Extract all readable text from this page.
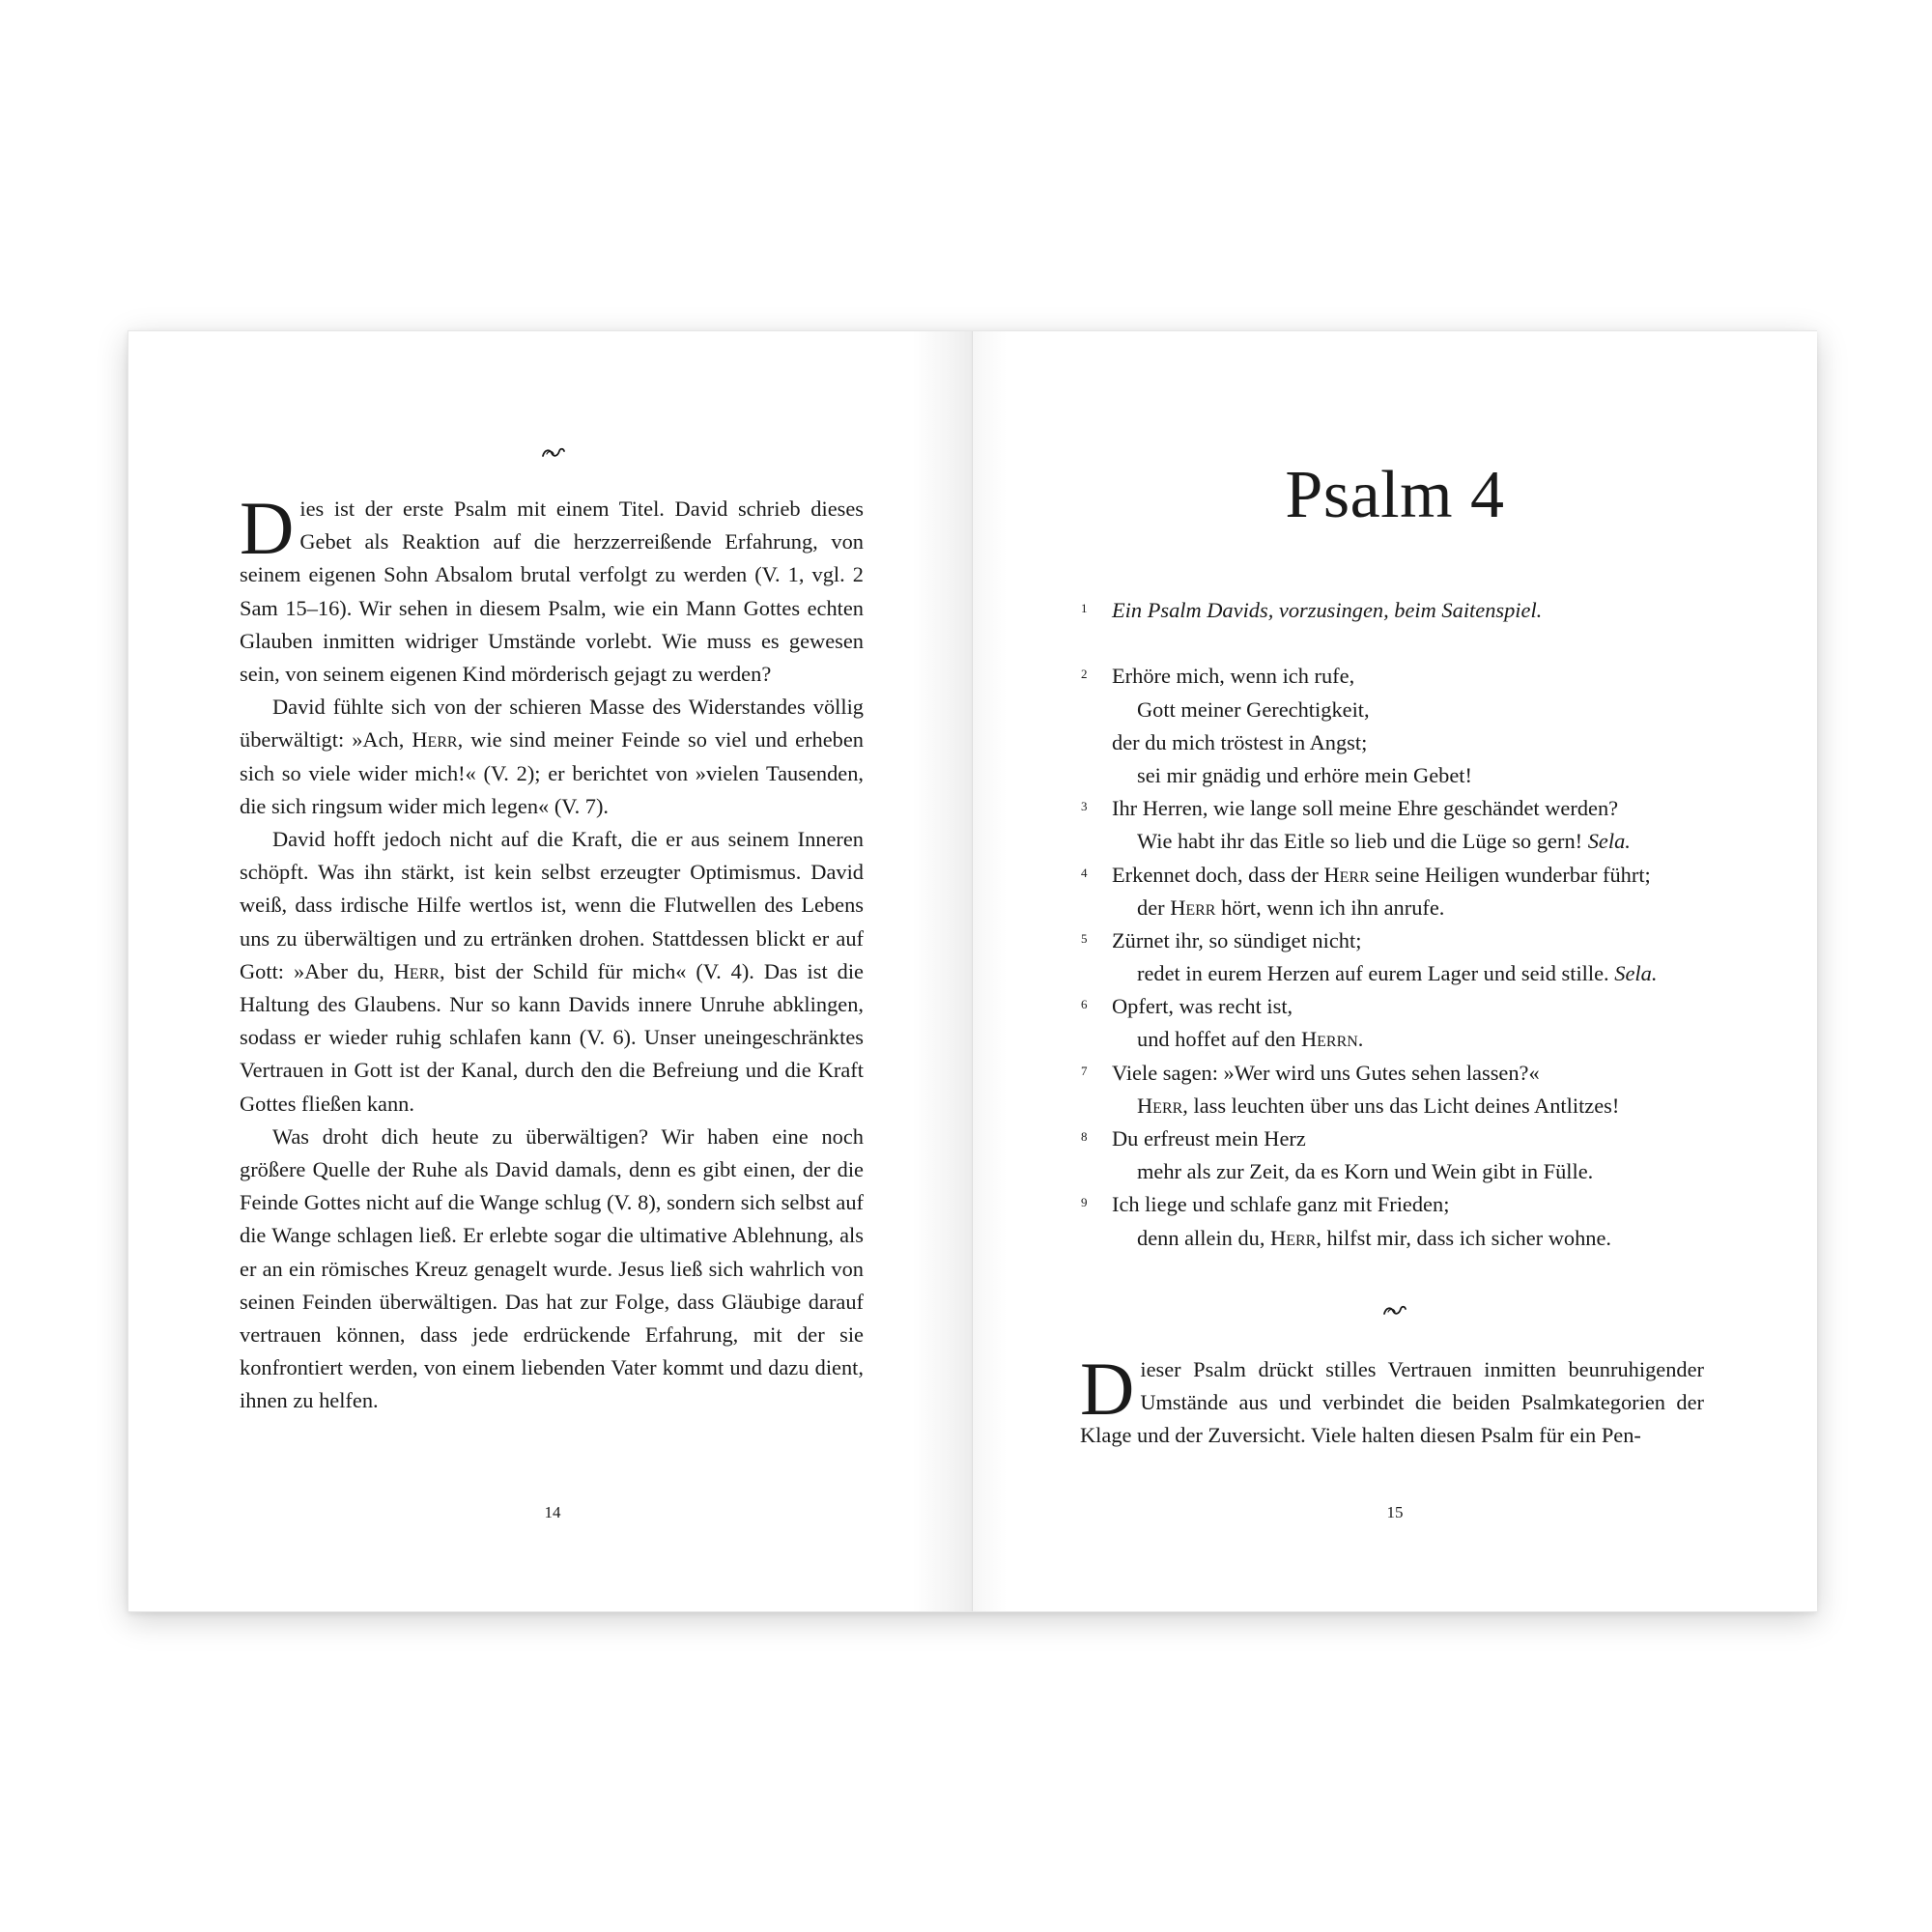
Dies ist der erste Psalm mit einem Titel. David schrieb dieses Gebet als Reaktion auf die herzzerreißende Erfahrung, von seinem eigenen Sohn Absalom brutal verfolgt zu werden (V. 1, vgl. 2 Sam 15–16). Wir sehen in diesem Psalm, wie ein Mann Gottes echten Glauben inmitten widriger Umstände vorlebt. Wie muss es gewesen sein, von seinem eigenen Kind mörderisch gejagt zu werden?

David fühlte sich von der schieren Masse des Widerstandes völlig überwältigt: »Ach, Herr, wie sind meiner Feinde so viel und erheben sich so viele wider mich!« (V. 2); er berichtet von »vielen Tausenden, die sich ringsum wider mich legen« (V. 7).

David hofft jedoch nicht auf die Kraft, die er aus seinem Inneren schöpft. Was ihn stärkt, ist kein selbst erzeugter Optimismus. David weiß, dass irdische Hilfe wertlos ist, wenn die Flutwellen des Lebens uns zu überwältigen und zu ertränken drohen. Stattdessen blickt er auf Gott: »Aber du, Herr, bist der Schild für mich« (V. 4). Das ist die Haltung des Glaubens. Nur so kann Davids innere Unruhe abklingen, sodass er wieder ruhig schlafen kann (V. 6). Unser uneingeschränktes Vertrauen in Gott ist der Kanal, durch den die Befreiung und die Kraft Gottes fließen kann.

Was droht dich heute zu überwältigen? Wir haben eine noch größere Quelle der Ruhe als David damals, denn es gibt einen, der die Feinde Gottes nicht auf die Wange schlug (V. 8), sondern sich selbst auf die Wange schlagen ließ. Er erlebte sogar die ultimative Ablehnung, als er an ein römisches Kreuz genagelt wurde. Jesus ließ sich wahrlich von seinen Feinden überwältigen. Das hat zur Folge, dass Gläubige darauf vertrauen können, dass jede erdrückende Erfahrung, mit der sie konfrontiert werden, von einem liebenden Vater kommt und dazu dient, ihnen zu helfen.

14
Psalm 4
1	Ein Psalm Davids, vorzusingen, beim Saitenspiel.
2	Erhöre mich, wenn ich rufe,
Gott meiner Gerechtigkeit,
der du mich tröstest in Angst;
sei mir gnädig und erhöre mein Gebet!
3	Ihr Herren, wie lange soll meine Ehre geschändet werden?
Wie habt ihr das Eitle so lieb und die Lüge so gern! Sela.
4	Erkennet doch, dass der Herr seine Heiligen wunderbar führt;
der Herr hört, wenn ich ihn anrufe.
5	Zürnet ihr, so sündiget nicht;
redet in eurem Herzen auf eurem Lager und seid stille. Sela.
6	Opfert, was recht ist,
und hoffet auf den Herrn.
7	Viele sagen: »Wer wird uns Gutes sehen lassen?«
Herr, lass leuchten über uns das Licht deines Antlitzes!
8	Du erfreust mein Herz
mehr als zur Zeit, da es Korn und Wein gibt in Fülle.
9	Ich liege und schlafe ganz mit Frieden;
denn allein du, Herr, hilfst mir, dass ich sicher wohne.

Dieser Psalm drückt stilles Vertrauen inmitten beunruhigender Umstände aus und verbindet die beiden Psalmkategorien der Klage und der Zuversicht. Viele halten diesen Psalm für ein Pen-

15
